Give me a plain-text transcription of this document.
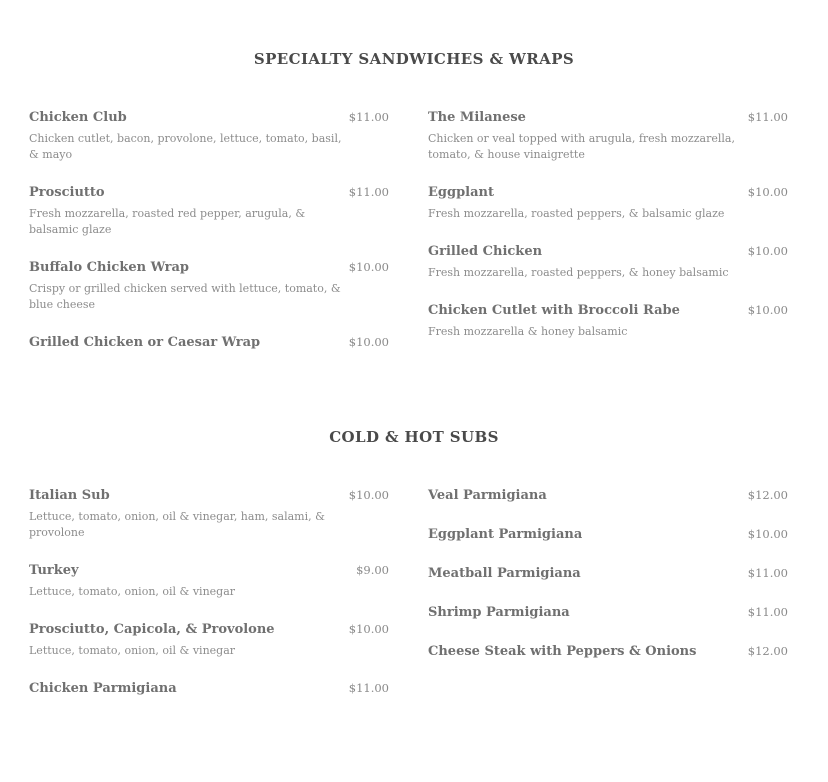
SPECIALTY SANDWICHES & WRAPS
Chicken Club	$11.00
Chicken cutlet, bacon, provolone, lettuce, tomato, basil, & mayo
Prosciutto	$11.00
Fresh mozzarella, roasted red pepper, arugula, & balsamic glaze
Buffalo Chicken Wrap	$10.00
Crispy or grilled chicken served with lettuce, tomato, & blue cheese
Grilled Chicken or Caesar Wrap	$10.00
The Milanese	$11.00
Chicken or veal topped with arugula, fresh mozzarella, tomato, & house vinaigrette
Eggplant	$10.00
Fresh mozzarella, roasted peppers, & balsamic glaze
Grilled Chicken	$10.00
Fresh mozzarella, roasted peppers, & honey balsamic
Chicken Cutlet with Broccoli Rabe	$10.00
Fresh mozzarella & honey balsamic
COLD & HOT SUBS
Italian Sub	$10.00
Lettuce, tomato, onion, oil & vinegar, ham, salami, & provolone
Turkey	$9.00
Lettuce, tomato, onion, oil & vinegar
Prosciutto, Capicola, & Provolone	$10.00
Lettuce, tomato, onion, oil & vinegar
Chicken Parmigiana	$11.00
Veal Parmigiana	$12.00
Eggplant Parmigiana	$10.00
Meatball Parmigiana	$11.00
Shrimp Parmigiana	$11.00
Cheese Steak with Peppers & Onions	$12.00
